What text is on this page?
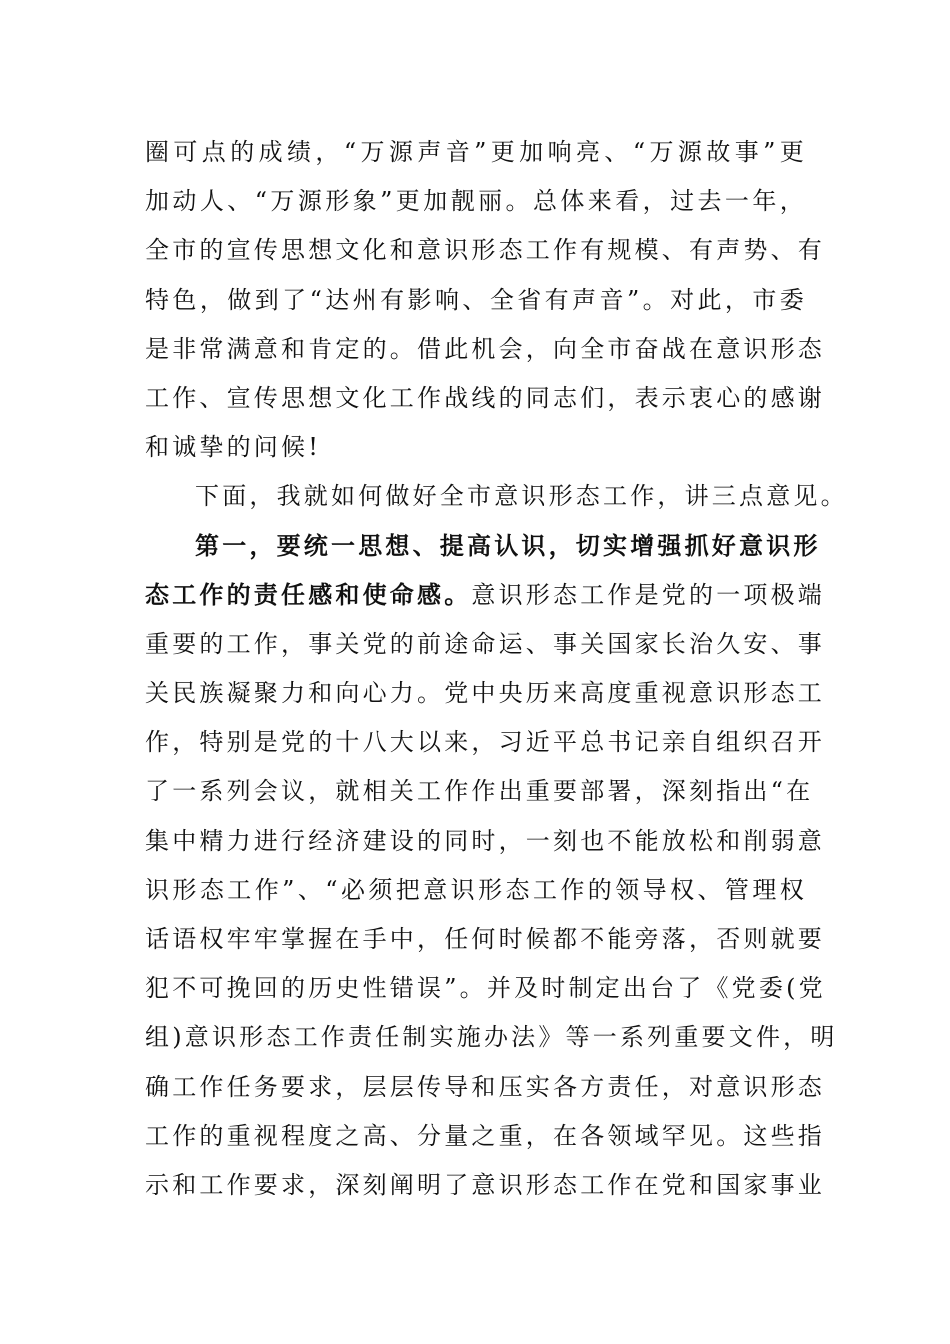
圈可点的成绩，“万源声音”更加响亮、“万源故事”更
加动人、“万源形象”更加靓丽。总体来看，过去一年，
全市的宣传思想文化和意识形态工作有规模、有声势、有
特色，做到了“达州有影响、全省有声音”。对此，市委
是非常满意和肯定的。借此机会，向全市奋战在意识形态
工作、宣传思想文化工作战线的同志们，表示衷心的感谢
和诚挚的问候!
下面，我就如何做好全市意识形态工作，讲三点意见。
第一，要统一思想、提高认识，切实增强抓好意识形
态工作的责任感和使命感。意识形态工作是党的一项极端
重要的工作，事关党的前途命运、事关国家长治久安、事
关民族凝聚力和向心力。党中央历来高度重视意识形态工
作，特别是党的十八大以来，习近平总书记亲自组织召开
了一系列会议，就相关工作作出重要部署，深刻指出“在
集中精力进行经济建设的同时，一刻也不能放松和削弱意
识形态工作”、“必须把意识形态工作的领导权、管理权
话语权牢牢掌握在手中，任何时候都不能旁落，否则就要
犯不可挽回的历史性错误”。并及时制定出台了《党委(党
组)意识形态工作责任制实施办法》等一系列重要文件，明
确工作任务要求，层层传导和压实各方责任，对意识形态
工作的重视程度之高、分量之重，在各领域罕见。这些指
示和工作要求，深刻阐明了意识形态工作在党和国家事业
